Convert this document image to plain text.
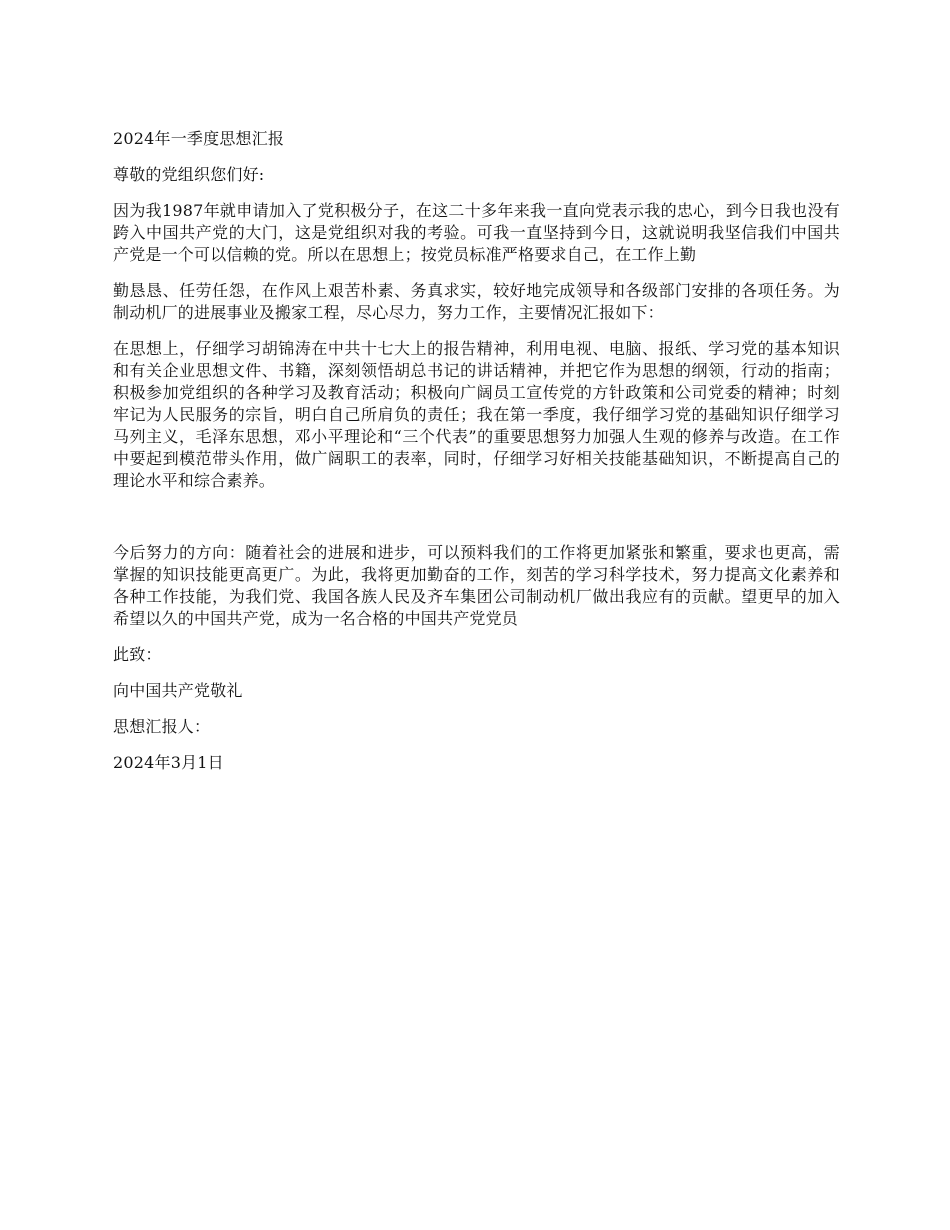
2024年一季度思想汇报

尊敬的党组织您们好:

因为我1987年就申请加入了党积极分子，在这二十多年来我一直向党表示我的忠心，到今日我也没有跨入中国共产党的大门，这是党组织对我的考验。可我一直坚持到今日，这就说明我坚信我们中国共产党是一个可以信赖的党。所以在思想上；按党员标准严格要求自己，在工作上勤

勤恳恳、任劳任怨，在作风上艰苦朴素、务真求实，较好地完成领导和各级部门安排的各项任务。为制动机厂的进展事业及搬家工程，尽心尽力，努力工作，主要情况汇报如下：

在思想上，仔细学习胡锦涛在中共十七大上的报告精神，利用电视、电脑、报纸、学习党的基本知识和有关企业思想文件、书籍，深刻领悟胡总书记的讲话精神，并把它作为思想的纲领，行动的指南；积极参加党组织的各种学习及教育活动；积极向广阔员工宣传党的方针政策和公司党委的精神；时刻牢记为人民服务的宗旨，明白自己所肩负的责任；我在第一季度，我仔细学习党的基础知识仔细学习马列主义，毛泽东思想，邓小平理论和“三个代表”的重要思想努力加强人生观的修养与改造。在工作中要起到模范带头作用，做广阔职工的表率，同时，仔细学习好相关技能基础知识，不断提高自己的理论水平和综合素养。

今后努力的方向：随着社会的进展和进步，可以预料我们的工作将更加紧张和繁重，要求也更高，需掌握的知识技能更高更广。为此，我将更加勤奋的工作，刻苦的学习科学技术，努力提高文化素养和各种工作技能，为我们党、我国各族人民及齐车集团公司制动机厂做出我应有的贡献。望更早的加入希望以久的中国共产党，成为一名合格的中国共产党党员

此致：

向中国共产党敬礼

思想汇报人：

2024年3月1日
